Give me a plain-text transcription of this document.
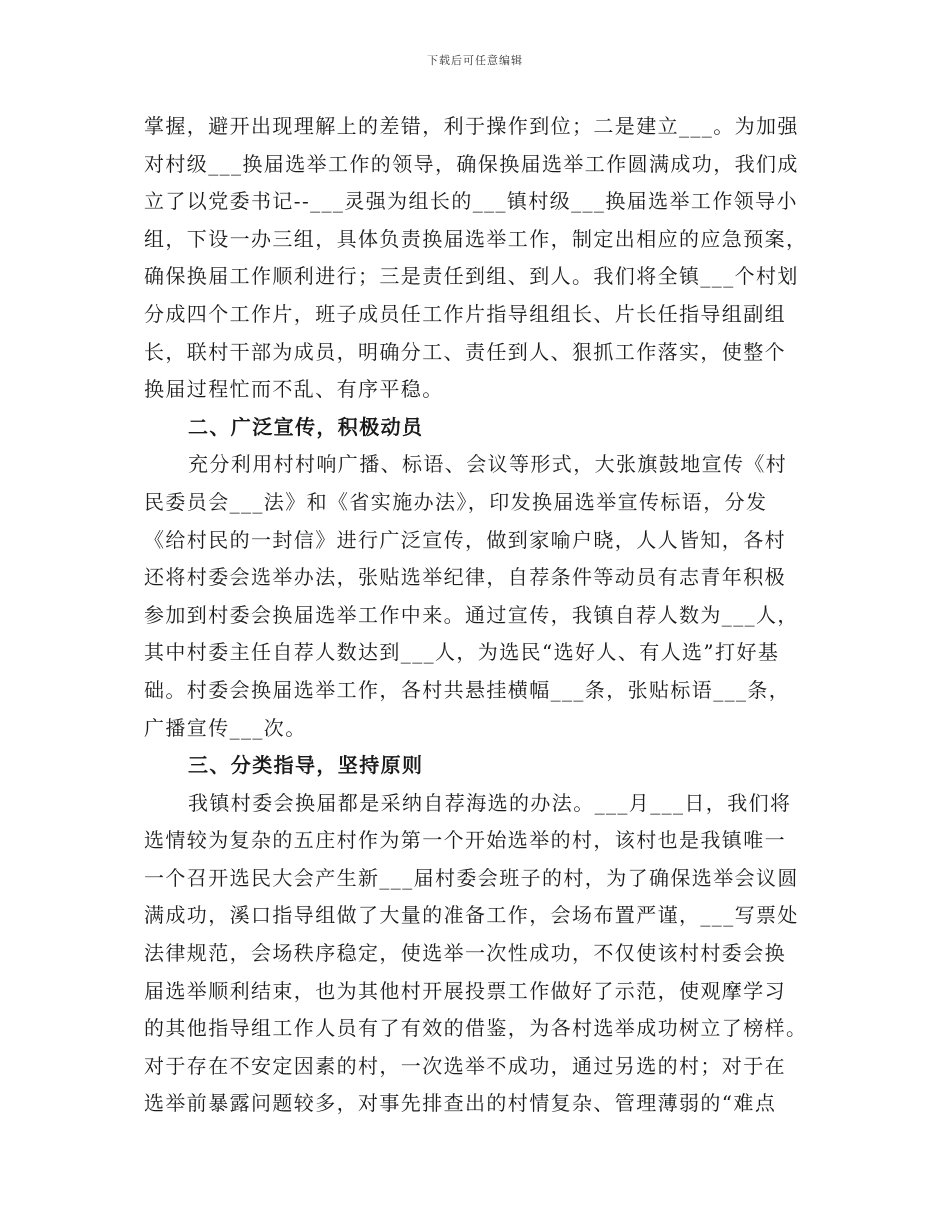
下载后可任意编辑

掌握，避开出现理解上的差错，利于操作到位；二是建立___。为加强
对村级___换届选举工作的领导，确保换届选举工作圆满成功，我们成
立了以党委书记--___灵强为组长的___镇村级___换届选举工作领导小
组，下设一办三组，具体负责换届选举工作，制定出相应的应急预案，
确保换届工作顺利进行；三是责任到组、到人。我们将全镇___个村划
分成四个工作片，班子成员任工作片指导组组长、片长任指导组副组
长，联村干部为成员，明确分工、责任到人、狠抓工作落实，使整个
换届过程忙而不乱、有序平稳。

二、广泛宣传，积极动员

充分利用村村响广播、标语、会议等形式，大张旗鼓地宣传《村
民委员会___法》和《省实施办法》，印发换届选举宣传标语，分发
《给村民的一封信》进行广泛宣传，做到家喻户晓，人人皆知，各村
还将村委会选举办法，张贴选举纪律，自荐条件等动员有志青年积极
参加到村委会换届选举工作中来。通过宣传，我镇自荐人数为___人，
其中村委主任自荐人数达到___人，为选民“选好人、有人选”打好基
础。村委会换届选举工作，各村共悬挂横幅___条，张贴标语___条，
广播宣传___次。

三、分类指导，坚持原则

我镇村委会换届都是采纳自荐海选的办法。___月___日，我们将
选情较为复杂的五庄村作为第一个开始选举的村，该村也是我镇唯一
一个召开选民大会产生新___届村委会班子的村，为了确保选举会议圆
满成功，溪口指导组做了大量的准备工作，会场布置严谨，___写票处
法律规范，会场秩序稳定，使选举一次性成功，不仅使该村村委会换
届选举顺利结束，也为其他村开展投票工作做好了示范，使观摩学习
的其他指导组工作人员有了有效的借鉴，为各村选举成功树立了榜样。
对于存在不安定因素的村，一次选举不成功，通过另选的村；对于在
选举前暴露问题较多，对事先排查出的村情复杂、管理薄弱的“难点
